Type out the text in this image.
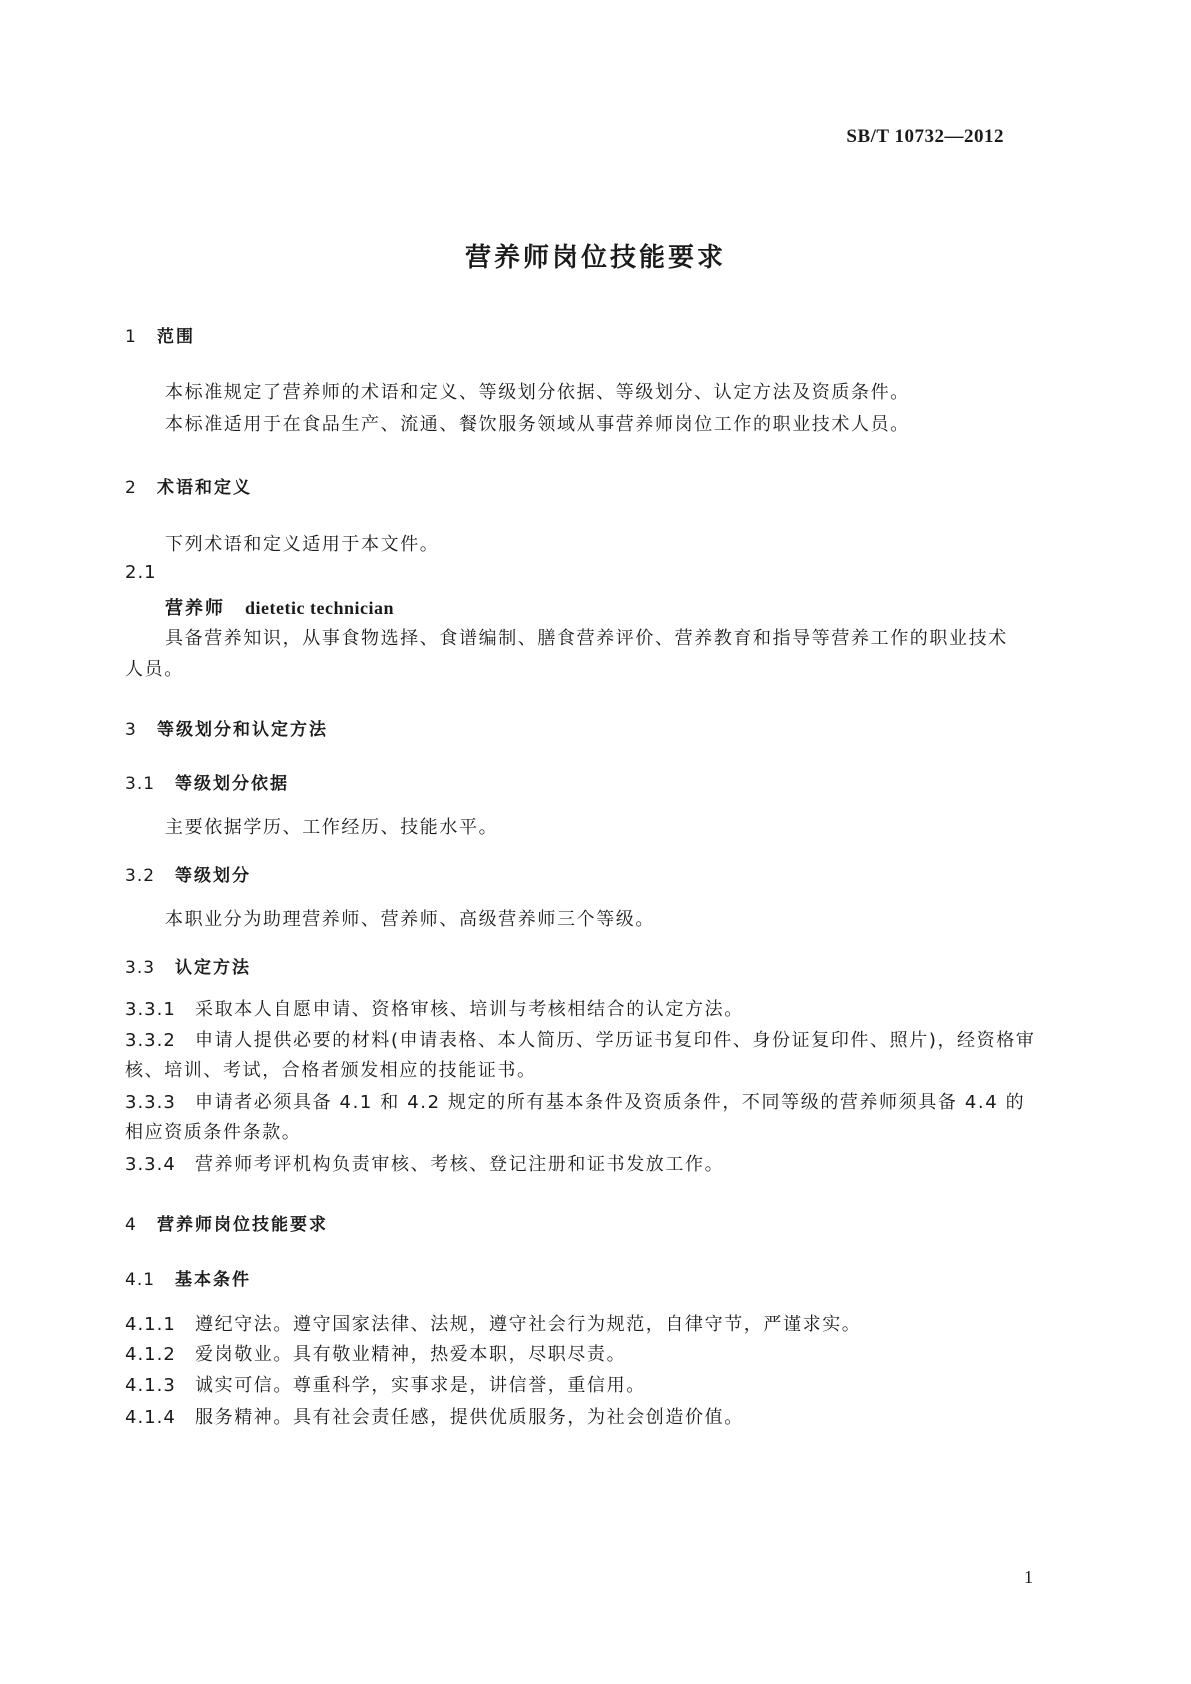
SB/T 10732—2012
营养师岗位技能要求
1 范围
本标准规定了营养师的术语和定义、等级划分依据、等级划分、认定方法及资质条件。
本标准适用于在食品生产、流通、餐饮服务领域从事营养师岗位工作的职业技术人员。
2 术语和定义
下列术语和定义适用于本文件。
2.1
营养师 dietetic technician
具备营养知识，从事食物选择、食谱编制、膳食营养评价、营养教育和指导等营养工作的职业技术
人员。
3 等级划分和认定方法
3.1 等级划分依据
主要依据学历、工作经历、技能水平。
3.2 等级划分
本职业分为助理营养师、营养师、高级营养师三个等级。
3.3 认定方法
3.3.1 采取本人自愿申请、资格审核、培训与考核相结合的认定方法。
3.3.2 申请人提供必要的材料(申请表格、本人简历、学历证书复印件、身份证复印件、照片)，经资格审
核、培训、考试，合格者颁发相应的技能证书。
3.3.3 申请者必须具备 4.1 和 4.2 规定的所有基本条件及资质条件，不同等级的营养师须具备 4.4 的
相应资质条件条款。
3.3.4 营养师考评机构负责审核、考核、登记注册和证书发放工作。
4 营养师岗位技能要求
4.1 基本条件
4.1.1 遵纪守法。遵守国家法律、法规，遵守社会行为规范，自律守节，严谨求实。
4.1.2 爱岗敬业。具有敬业精神，热爱本职，尽职尽责。
4.1.3 诚实可信。尊重科学，实事求是，讲信誉，重信用。
4.1.4 服务精神。具有社会责任感，提供优质服务，为社会创造价值。
1
